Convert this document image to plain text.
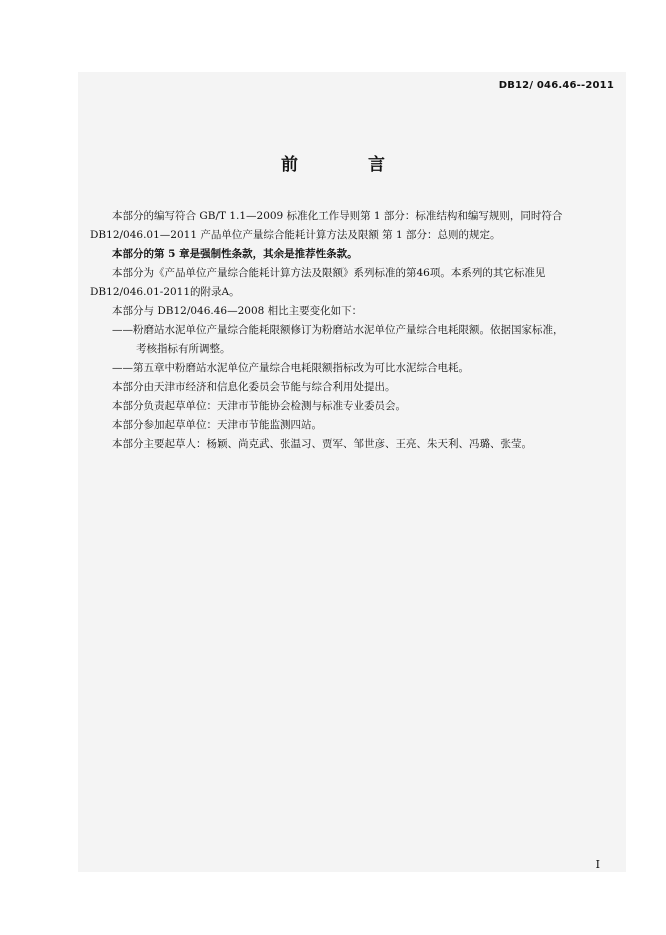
DB12/ 046.46--2011
前 言
本部分的编写符合 GB/T 1.1—2009 标准化工作导则第 1 部分：标准结构和编写规则，同时符合
DB12/046.01—2011 产品单位产量综合能耗计算方法及限额 第 1 部分：总则的规定。
本部分的第 5 章是强制性条款，其余是推荐性条款。
本部分为《产品单位产量综合能耗计算方法及限额》系列标准的第46项。本系列的其它标准见
DB12/046.01-2011的附录A。
本部分与 DB12/046.46—2008 相比主要变化如下：
——粉磨站水泥单位产量综合能耗限额修订为粉磨站水泥单位产量综合电耗限额。依据国家标准，
考核指标有所调整。
——第五章中粉磨站水泥单位产量综合电耗限额指标改为可比水泥综合电耗。
本部分由天津市经济和信息化委员会节能与综合利用处提出。
本部分负责起草单位：天津市节能协会检测与标准专业委员会。
本部分参加起草单位：天津市节能监测四站。
本部分主要起草人：杨颖、尚克武、张温习、贾军、邹世彦、王亮、朱天利、冯璐、张莹。
I
